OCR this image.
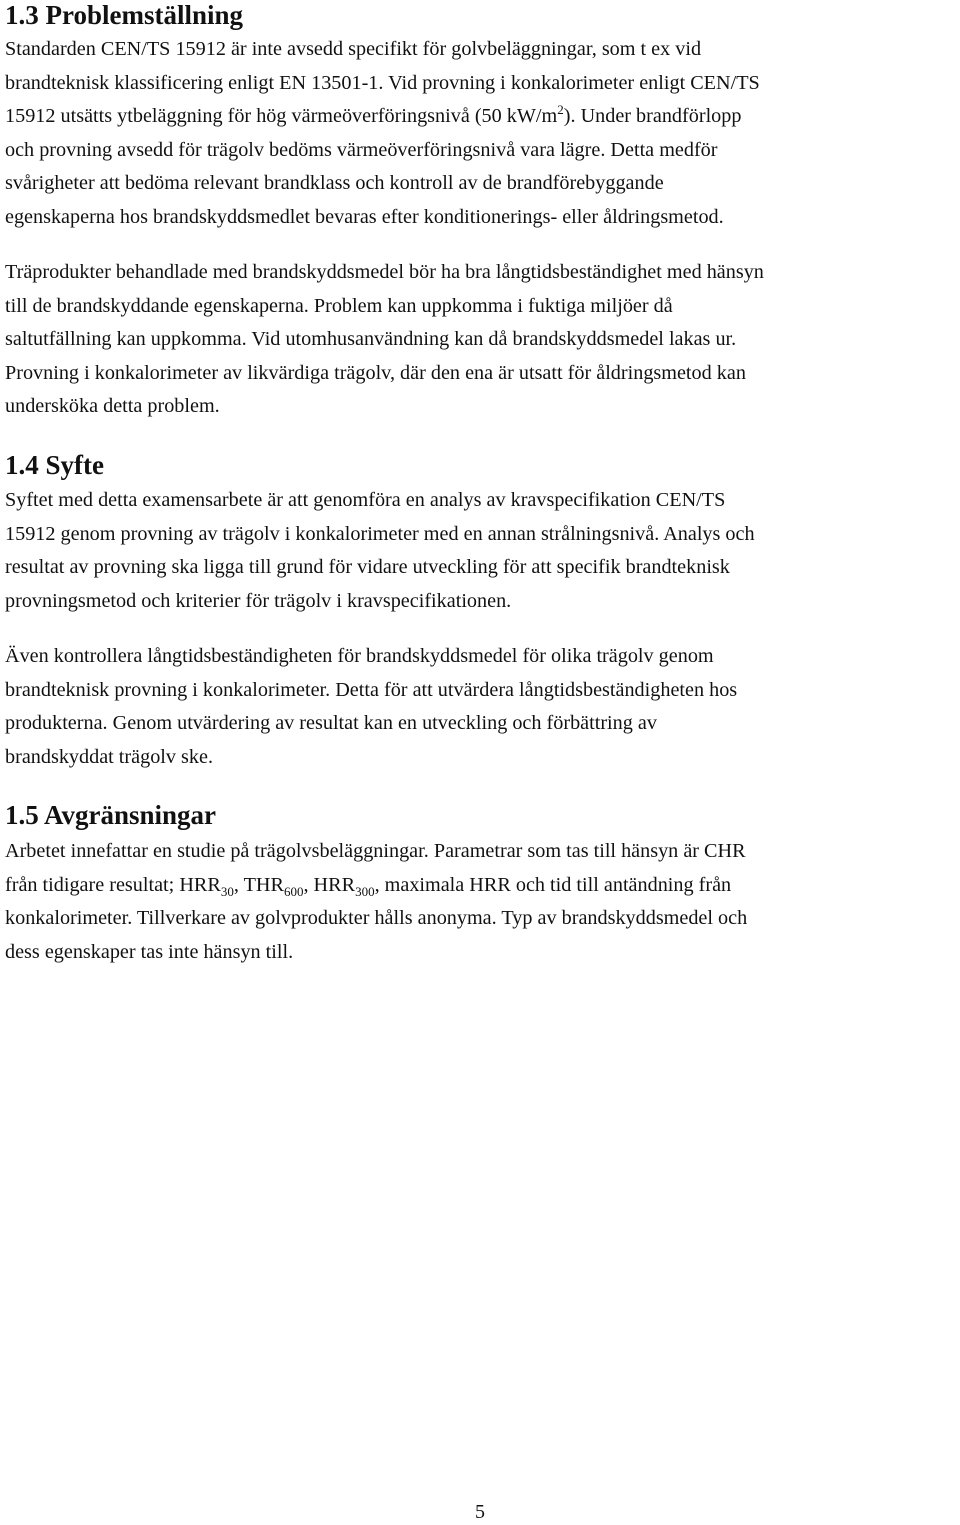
1.3 Problemställning

Standarden CEN/TS 15912 är inte avsedd specifikt för golvbeläggningar, som t ex vid
brandteknisk klassificering enligt EN 13501-1. Vid provning i konkalorimeter enligt CEN/TS
15912 utsätts ytbeläggning för hög värmeöverföringsnivå (50 $kW/m^2$). Under brandförlopp
och provning avsedd för trägolv bedöms värmeöverföringsnivå vara lägre. Detta medför
svårigheter att bedöma relevant brandklass och kontroll av de brandförebyggande
egenskaperna hos brandskyddsmedlet bevaras efter konditionerings- eller åldringsmetod.

Träprodukter behandlade med brandskyddsmedel bör ha bra långtidsbeständighet med hänsyn
till de brandskyddande egenskaperna. Problem kan uppkomma i fuktiga miljöer då
saltutfällning kan uppkomma. Vid utomhusanvändning kan då brandskyddsmedel lakas ur.
Provning i konkalorimeter av likvärdiga trägolv, där den ena är utsatt för åldringsmetod kan
undersköka detta problem.

1.4 Syfte

Syftet med detta examensarbete är att genomföra en analys av kravspecifikation CEN/TS
15912 genom provning av trägolv i konkalorimeter med en annan strålningsnivå. Analys och
resultat av provning ska ligga till grund för vidare utveckling för att specifik brandteknisk
provningsmetod och kriterier för trägolv i kravspecifikationen.

Även kontrollera långtidsbeständigheten för brandskyddsmedel för olika trägolv genom
brandteknisk provning i konkalorimeter. Detta för att utvärdera långtidsbeständigheten hos
produkterna. Genom utvärdering av resultat kan en utveckling och förbättring av
brandskyddat trägolv ske.

1.5 Avgränsningar

Arbetet innefattar en studie på trägolvsbeläggningar. Parametrar som tas till hänsyn är CHR
från tidigare resultat; $HRR_{30}$, $THR_{600}$, $HRR_{300}$, maximala HRR och tid till antändning från
konkalorimeter. Tillverkare av golvprodukter hålls anonyma. Typ av brandskyddsmedel och
dess egenskaper tas inte hänsyn till.

5
